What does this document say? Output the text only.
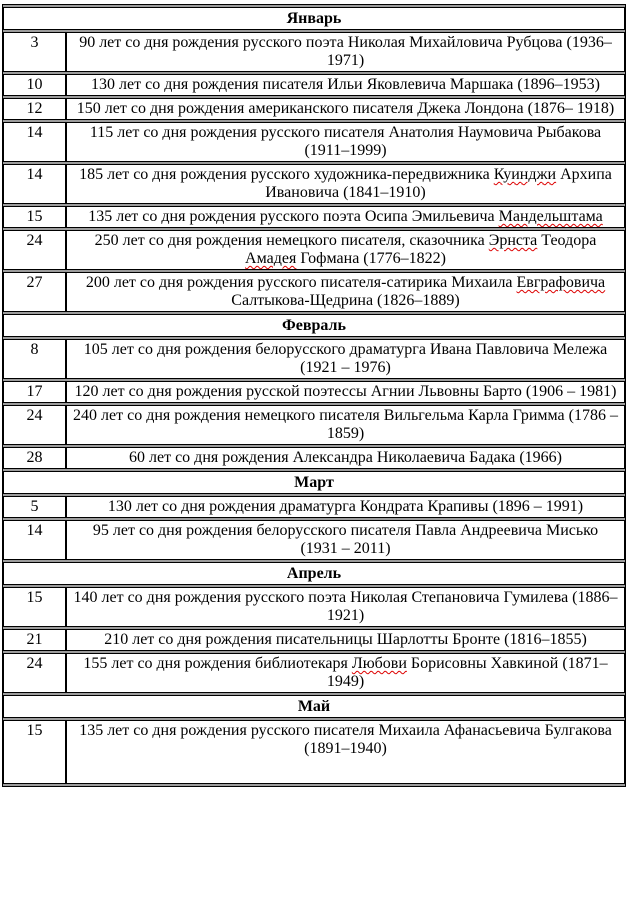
Январь	
3	90 лет со дня рождения русского поэта Николая Михайловича Рубцова (1936–1971)
10	130 лет со дня рождения писателя Ильи Яковлевича Маршака (1896–1953)
12	150 лет со дня рождения американского писателя Джека Лондона (1876– 1918)
14	115 лет со дня рождения русского писателя Анатолия Наумовича Рыбакова (1911–1999)
14	185 лет со дня рождения русского художника-передвижника Куинджи Архипа Ивановича (1841–1910)
15	135 лет со дня рождения русского поэта Осипа Эмильевича Мандельштама
24	250 лет со дня рождения немецкого писателя, сказочника Эрнста Теодора Амадея Гофмана (1776–1822)
27	200 лет со дня рождения русского писателя-сатирика Михаила Евграфовича Салтыкова-Щедрина (1826–1889)
Февраль	
8	105 лет со дня рождения белорусского драматурга Ивана Павловича Мележа (1921 – 1976)
17	120 лет со дня рождения русской поэтессы Агнии Львовны Барто (1906 – 1981)
24	240 лет со дня рождения немецкого писателя Вильгельма Карла Гримма (1786 – 1859)
28	60 лет со дня рождения Александра Николаевича Бадака (1966)
Март	
5	130 лет со дня рождения драматурга Кондрата Крапивы (1896 – 1991)
14	95 лет со дня рождения белорусского писателя Павла Андреевича Мисько (1931 – 2011)
Апрель	
15	140 лет со дня рождения русского поэта Николая Степановича Гумилева (1886–1921)
21	210 лет со дня рождения писательницы Шарлотты Бронте (1816–1855)
24	155 лет со дня рождения библиотекаря Любови Борисовны Хавкиной (1871– 1949)
Май	
15	135 лет со дня рождения русского писателя Михаила Афанасьевича Булгакова (1891–1940)
